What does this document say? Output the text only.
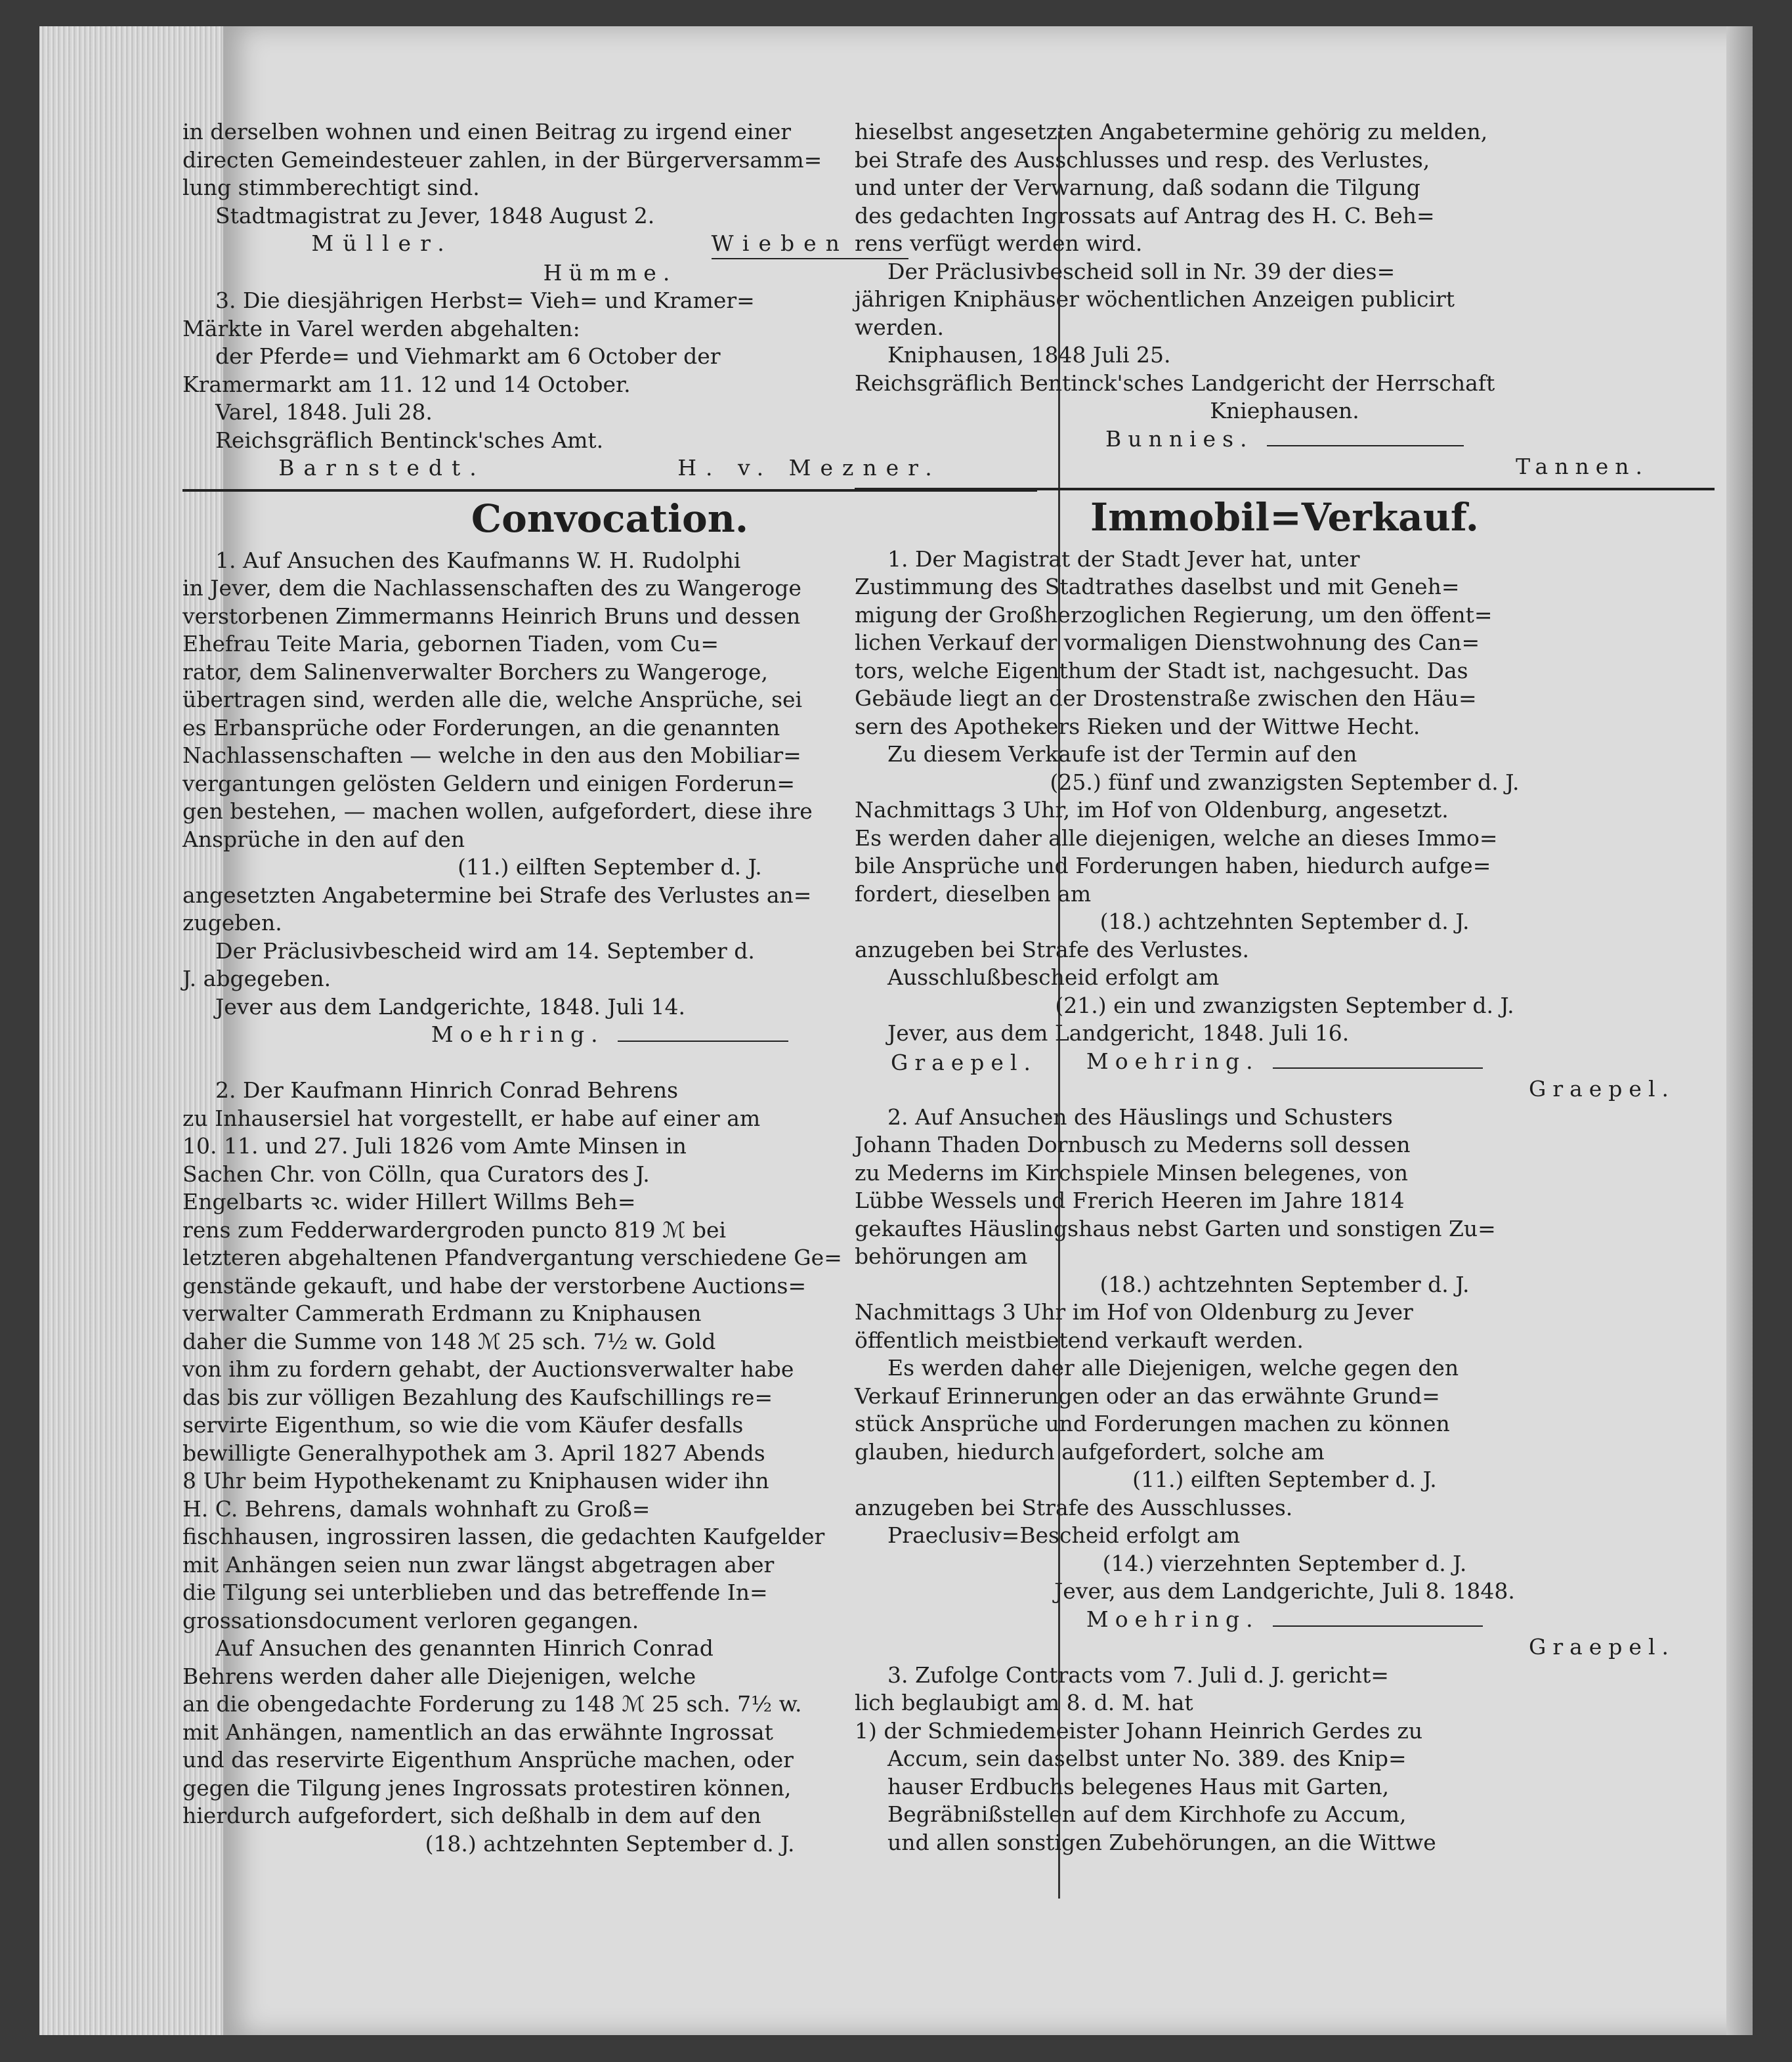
in derselben wohnen und einen Beitrag zu irgend einer

directen Gemeindesteuer zahlen, in der Bürgerversamm=

lung stimmberechtigt sind.

Stadtmagistrat zu Jever, 1848 August 2.

Müller.	Wieben

Hümme.

3. Die diesjährigen Herbst= Vieh= und Kramer=

Märkte in Varel werden abgehalten:

der Pferde= und Viehmarkt am 6 October der

Kramermarkt am 11. 12 und 14 October.

Varel, 1848. Juli 28.

Reichsgräflich Bentinck'sches Amt.

Barnstedt.	H. v. Mezner.
Convocation.

1. Auf Ansuchen des Kaufmanns W. H. Rudolphi

in Jever, dem die Nachlassenschaften des zu Wangeroge

verstorbenen Zimmermanns Heinrich Bruns und dessen

Ehefrau Teite Maria, gebornen Tiaden, vom Cu=

rator, dem Salinenverwalter Borchers zu Wangeroge,

übertragen sind, werden alle die, welche Ansprüche, sei

es Erbansprüche oder Forderungen, an die genannten

Nachlassenschaften — welche in den aus den Mobiliar=

vergantungen gelösten Geldern und einigen Forderun=

gen bestehen, — machen wollen, aufgefordert, diese ihre

Ansprüche in den auf den

(11.) eilften September d. J.

angesetzten Angabetermine bei Strafe des Verlustes an=

zugeben.

Der Präclusivbescheid wird am 14. September d.

J. abgegeben.

Jever aus dem Landgerichte, 1848. Juli 14.

Moehring.

Graepel.

2. Der Kaufmann Hinrich Conrad Behrens

zu Inhausersiel hat vorgestellt, er habe auf einer am

10. 11. und 27. Juli 1826 vom Amte Minsen in

Sachen Chr. von Cölln, qua Curators des J.

Engelbarts ꝛc. wider Hillert Willms Beh=

rens zum Fedderwardergroden puncto 819 ℳ bei

letzteren abgehaltenen Pfandvergantung verschiedene Ge=

genstände gekauft, und habe der verstorbene Auctions=

verwalter Cammerath Erdmann zu Kniphausen

daher die Summe von 148 ℳ 25 sch. 7½ w. Gold

von ihm zu fordern gehabt, der Auctionsverwalter habe

das bis zur völligen Bezahlung des Kaufschillings re=

servirte Eigenthum, so wie die vom Käufer desfalls

bewilligte Generalhypothek am 3. April 1827 Abends

8 Uhr beim Hypothekenamt zu Kniphausen wider ihn

H. C. Behrens, damals wohnhaft zu Groß=

fischhausen, ingrossiren lassen, die gedachten Kaufgelder

mit Anhängen seien nun zwar längst abgetragen aber

die Tilgung sei unterblieben und das betreffende In=

grossationsdocument verloren gegangen.

Auf Ansuchen des genannten Hinrich Conrad

Behrens werden daher alle Diejenigen, welche

an die obengedachte Forderung zu 148 ℳ 25 sch. 7½ w.

mit Anhängen, namentlich an das erwähnte Ingrossat

und das reservirte Eigenthum Ansprüche machen, oder

gegen die Tilgung jenes Ingrossats protestiren können,

hierdurch aufgefordert, sich deßhalb in dem auf den

(18.) achtzehnten September d. J.

hieselbst angesetzten Angabetermine gehörig zu melden,

bei Strafe des Ausschlusses und resp. des Verlustes,

und unter der Verwarnung, daß sodann die Tilgung

des gedachten Ingrossats auf Antrag des H. C. Beh=

rens verfügt werden wird.

Der Präclusivbescheid soll in Nr. 39 der dies=

jährigen Kniphäuser wöchentlichen Anzeigen publicirt

werden.

Kniphausen, 1848 Juli 25.

Reichsgräflich Bentinck'sches Landgericht der Herrschaft

Kniephausen.

Bunnies.

Tannen.

Immobil=Verkauf.

1. Der Magistrat der Stadt Jever hat, unter

Zustimmung des Stadtrathes daselbst und mit Geneh=

migung der Großherzoglichen Regierung, um den öffent=

lichen Verkauf der vormaligen Dienstwohnung des Can=

tors, welche Eigenthum der Stadt ist, nachgesucht. Das

Gebäude liegt an der Drostenstraße zwischen den Häu=

sern des Apothekers Rieken und der Wittwe Hecht.

Zu diesem Verkaufe ist der Termin auf den

(25.) fünf und zwanzigsten September d. J.

Nachmittags 3 Uhr, im Hof von Oldenburg, angesetzt.

Es werden daher alle diejenigen, welche an dieses Immo=

bile Ansprüche und Forderungen haben, hiedurch aufge=

fordert, dieselben am

(18.) achtzehnten September d. J.

anzugeben bei Strafe des Verlustes.

Ausschlußbescheid erfolgt am

(21.) ein und zwanzigsten September d. J.

Jever, aus dem Landgericht, 1848. Juli 16.

Moehring.

Graepel.

2. Auf Ansuchen des Häuslings und Schusters

Johann Thaden Dornbusch zu Mederns soll dessen

zu Mederns im Kirchspiele Minsen belegenes, von

Lübbe Wessels und Frerich Heeren im Jahre 1814

gekauftes Häuslingshaus nebst Garten und sonstigen Zu=

behörungen am

(18.) achtzehnten September d. J.

Nachmittags 3 Uhr im Hof von Oldenburg zu Jever

öffentlich meistbietend verkauft werden.

Es werden daher alle Diejenigen, welche gegen den

Verkauf Erinnerungen oder an das erwähnte Grund=

stück Ansprüche und Forderungen machen zu können

glauben, hiedurch aufgefordert, solche am

(11.) eilften September d. J.

anzugeben bei Strafe des Ausschlusses.

Praeclusiv=Bescheid erfolgt am

(14.) vierzehnten September d. J.

Jever, aus dem Landgerichte, Juli 8. 1848.

Moehring.

Graepel.

3. Zufolge Contracts vom 7. Juli d. J. gericht=

lich beglaubigt am 8. d. M. hat

1) der Schmiedemeister Johann Heinrich Gerdes zu

Accum, sein daselbst unter No. 389. des Knip=

hauser Erdbuchs belegenes Haus mit Garten,

Begräbnißstellen auf dem Kirchhofe zu Accum,

und allen sonstigen Zubehörungen, an die Wittwe
